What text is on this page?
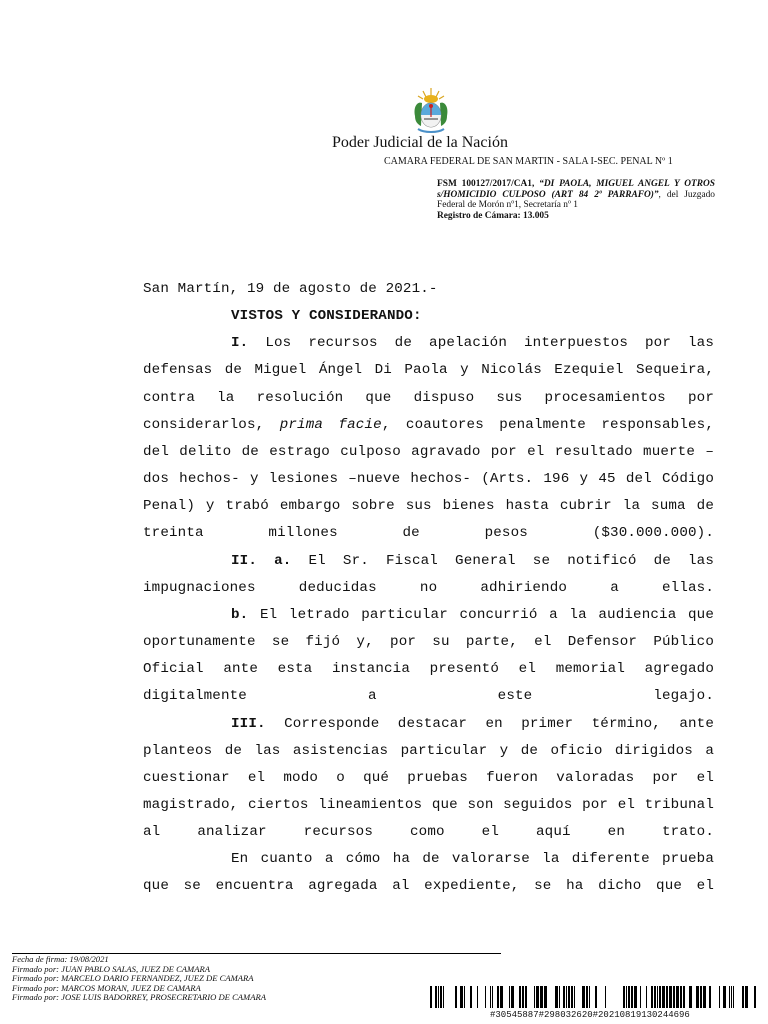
Poder Judicial de la Nación
CAMARA FEDERAL DE SAN MARTIN - SALA I-SEC. PENAL Nº 1
FSM 100127/2017/CA1, “DI PAOLA, MIGUEL ANGEL Y OTROS s/HOMICIDIO CULPOSO (ART 84 2º PARRAFO)”, del Juzgado Federal de Morón nº1, Secretaría nº 1
Registro de Cámara: 13.005

San Martín, 19 de agosto de 2021.-

VISTOS Y CONSIDERANDO:

I. Los recursos de apelación interpuestos por las defensas de Miguel Ángel Di Paola y Nicolás Ezequiel Sequeira, contra la resolución que dispuso sus procesamientos por considerarlos, prima facie, coautores penalmente responsables, del delito de estrago culposo agravado por el resultado muerte –dos hechos- y lesiones –nueve hechos- (Arts. 196 y 45 del Código Penal) y trabó embargo sobre sus bienes hasta cubrir la suma de treinta millones de pesos ($30.000.000).

II. a. El Sr. Fiscal General se notificó de las impugnaciones deducidas no adhiriendo a ellas.

b. El letrado particular concurrió a la audiencia que oportunamente se fijó y, por su parte, el Defensor Público Oficial ante esta instancia presentó el memorial agregado digitalmente a este legajo.

III. Corresponde destacar en primer término, ante planteos de las asistencias particular y de oficio dirigidos a cuestionar el modo o qué pruebas fueron valoradas por el magistrado, ciertos lineamientos que son seguidos por el tribunal al analizar recursos como el aquí en trato.

En cuanto a cómo ha de valorarse la diferente prueba que se encuentra agregada al expediente, se ha dicho que el

Fecha de firma: 19/08/2021
Firmado por: JUAN PABLO SALAS, JUEZ DE CAMARA
Firmado por: MARCELO DARIO FERNANDEZ, JUEZ DE CAMARA
Firmado por: MARCOS MORAN, JUEZ DE CAMARA
Firmado por: JOSE LUIS BADORREY, PROSECRETARIO DE CAMARA
#30545887#298032620#20210819130244696
